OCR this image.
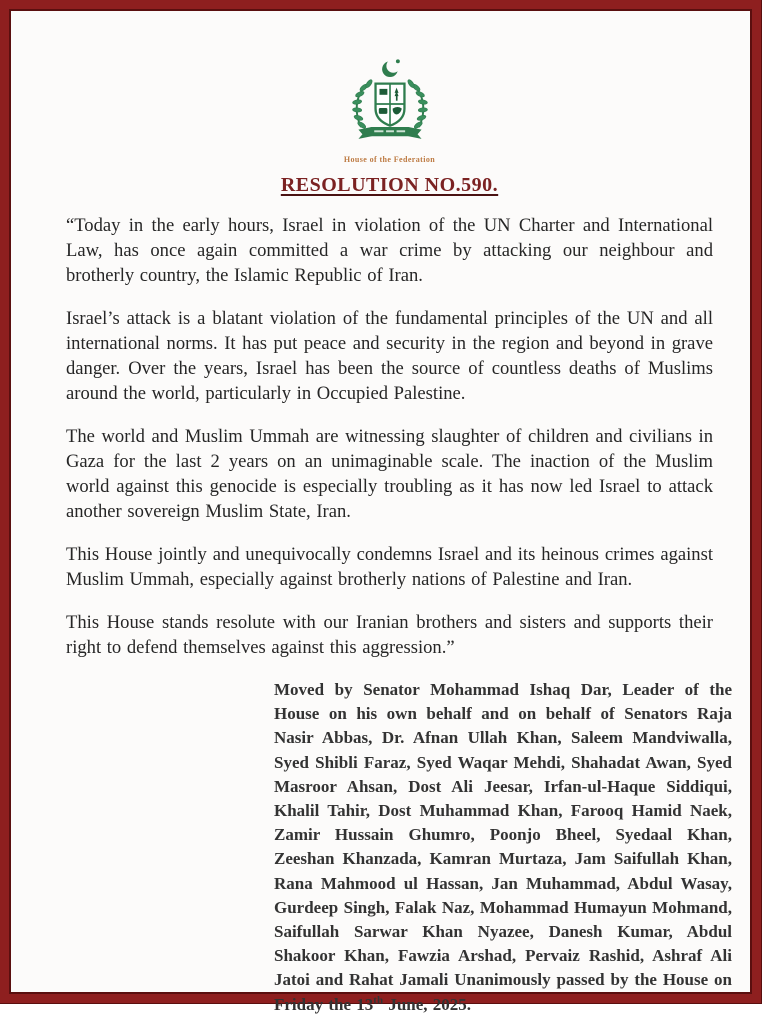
House of the Federation
RESOLUTION NO.590.

“Today in the early hours, Israel in violation of the UN Charter and International Law, has once again committed a war crime by attacking our neighbour and brotherly country, the Islamic Republic of Iran.

Israel’s attack is a blatant violation of the fundamental principles of the UN and all international norms. It has put peace and security in the region and beyond in grave danger. Over the years, Israel has been the source of countless deaths of Muslims around the world, particularly in Occupied Palestine.

The world and Muslim Ummah are witnessing slaughter of children and civilians in Gaza for the last 2 years on an unimaginable scale. The inaction of the Muslim world against this genocide is especially troubling as it has now led Israel to attack another sovereign Muslim State, Iran.

This House jointly and unequivocally condemns Israel and its heinous crimes against Muslim Ummah, especially against brotherly nations of Palestine and Iran.

This House stands resolute with our Iranian brothers and sisters and supports their right to defend themselves against this aggression.”

Moved by Senator Mohammad Ishaq Dar, Leader of the House on his own behalf and on behalf of Senators Raja Nasir Abbas, Dr. Afnan Ullah Khan, Saleem Mandviwalla, Syed Shibli Faraz, Syed Waqar Mehdi, Shahadat Awan, Syed Masroor Ahsan, Dost Ali Jeesar, Irfan-ul-Haque Siddiqui, Khalil Tahir, Dost Muhammad Khan, Farooq Hamid Naek, Zamir Hussain Ghumro, Poonjo Bheel, Syedaal Khan, Zeeshan Khanzada, Kamran Murtaza, Jam Saifullah Khan, Rana Mahmood ul Hassan, Jan Muhammad, Abdul Wasay, Gurdeep Singh, Falak Naz, Mohammad Humayun Mohmand, Saifullah Sarwar Khan Nyazee, Danesh Kumar, Abdul Shakoor Khan, Fawzia Arshad, Pervaiz Rashid, Ashraf Ali Jatoi and Rahat Jamali Unanimously passed by the House on Friday the 13th June, 2025.
